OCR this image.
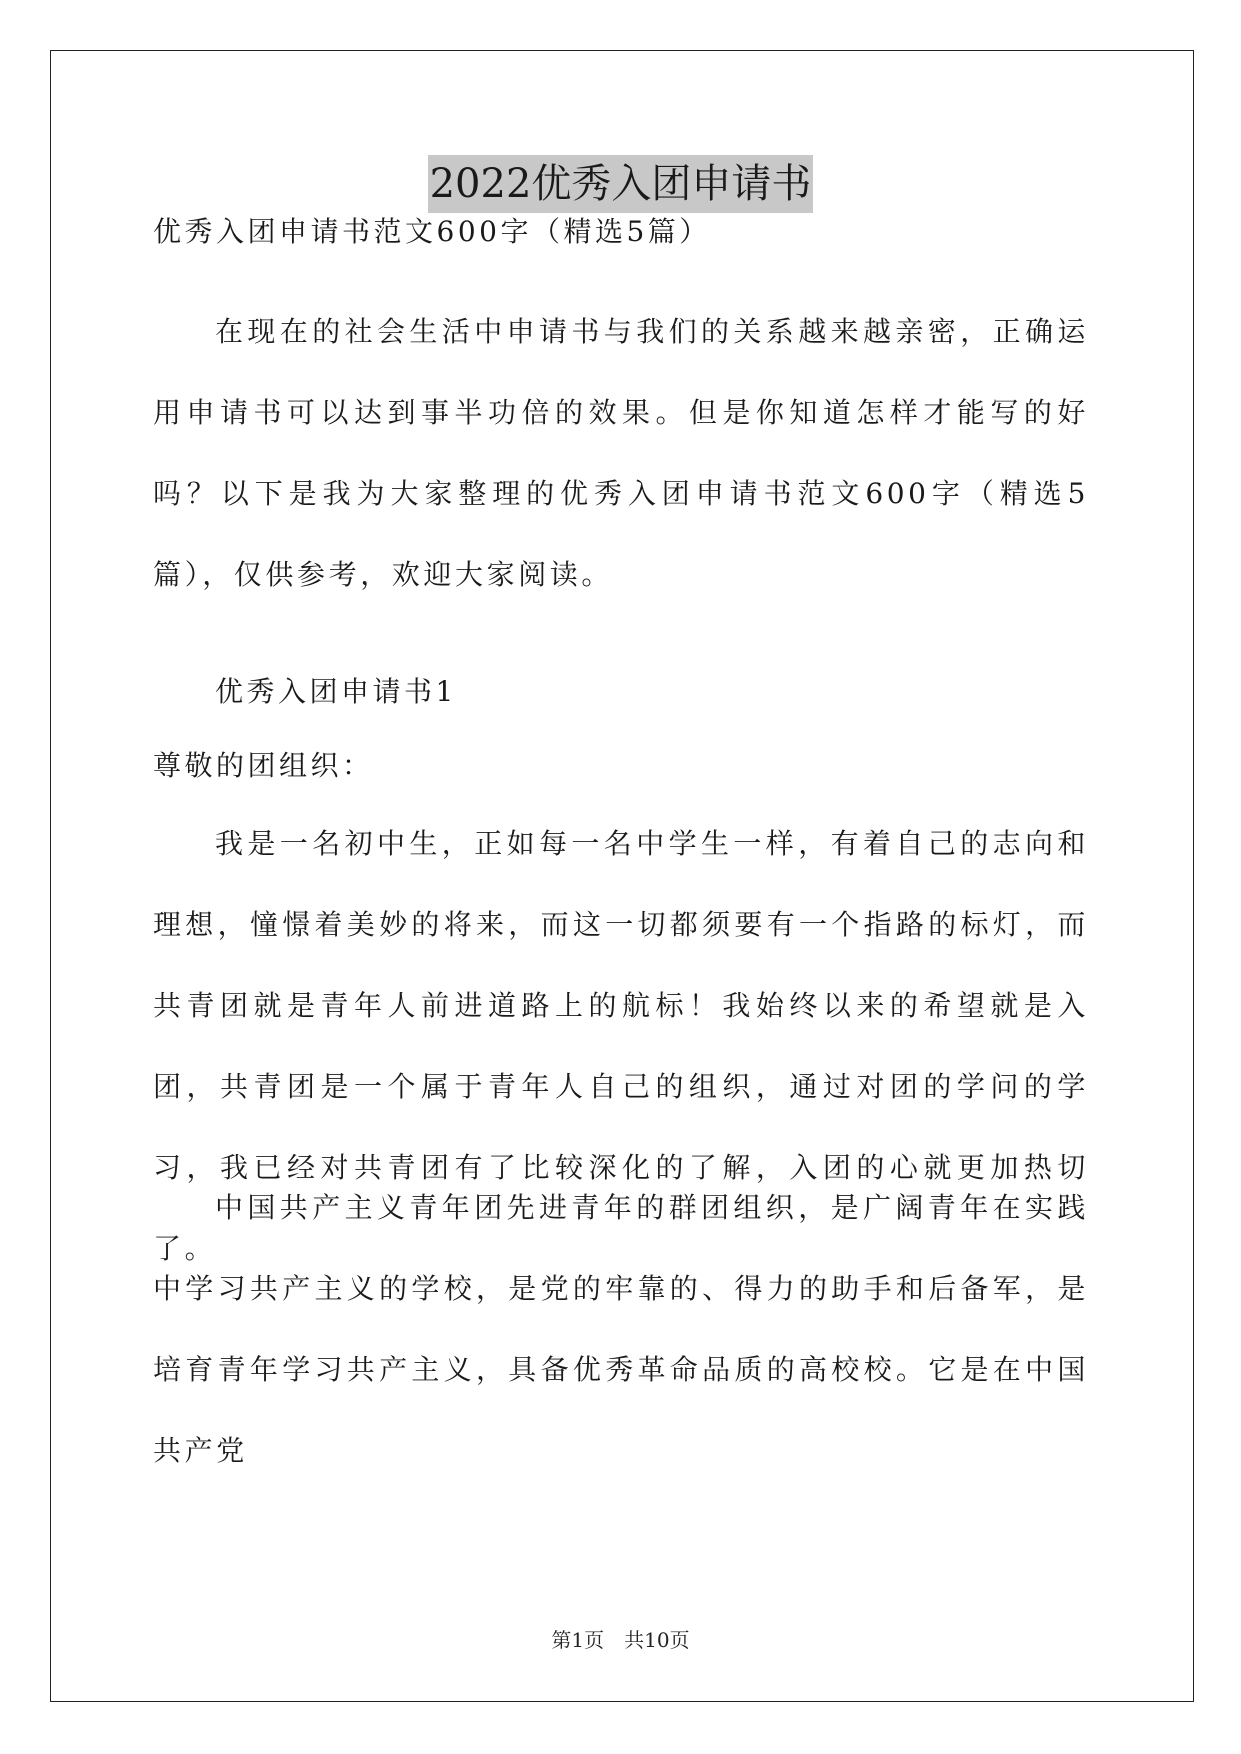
2022优秀入团申请书
优秀入团申请书范文600字（精选5篇）
在现在的社会生活中申请书与我们的关系越来越亲密，正确运用申请书可以达到事半功倍的效果。但是你知道怎样才能写的好吗？以下是我为大家整理的优秀入团申请书范文600字（精选5篇），仅供参考，欢迎大家阅读。
优秀入团申请书1
尊敬的团组织：
我是一名初中生，正如每一名中学生一样，有着自己的志向和理想，憧憬着美妙的将来，而这一切都须要有一个指路的标灯，而共青团就是青年人前进道路上的航标！我始终以来的希望就是入团，共青团是一个属于青年人自己的组织，通过对团的学问的学习，我已经对共青团有了比较深化的了解，入团的心就更加热切了。
中国共产主义青年团先进青年的群团组织，是广阔青年在实践中学习共产主义的学校，是党的牢靠的、得力的助手和后备军，是培育青年学习共产主义，具备优秀革命品质的高校校。它是在中国共产党
第1页　共10页
